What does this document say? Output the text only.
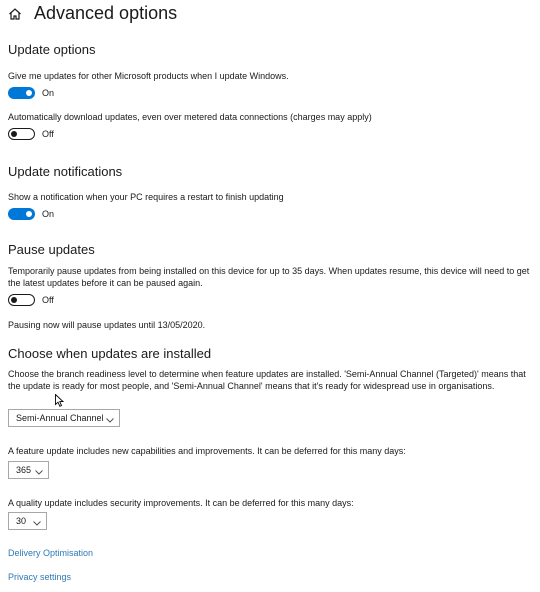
Advanced options
Update options
Give me updates for other Microsoft products when I update Windows.
On
Automatically download updates, even over metered data connections (charges may apply)
Off
Update notifications
Show a notification when your PC requires a restart to finish updating
On
Pause updates
Temporarily pause updates from being installed on this device for up to 35 days. When updates resume, this device will need to get the latest updates before it can be paused again.
Off
Pausing now will pause updates until 13/05/2020.
Choose when updates are installed
Choose the branch readiness level to determine when feature updates are installed. 'Semi-Annual Channel (Targeted)' means that the update is ready for most people, and 'Semi-Annual Channel' means that it's ready for widespread use in organisations.
Semi-Annual Channel
A feature update includes new capabilities and improvements. It can be deferred for this many days:
365
A quality update includes security improvements. It can be deferred for this many days:
30
Delivery Optimisation
Privacy settings
